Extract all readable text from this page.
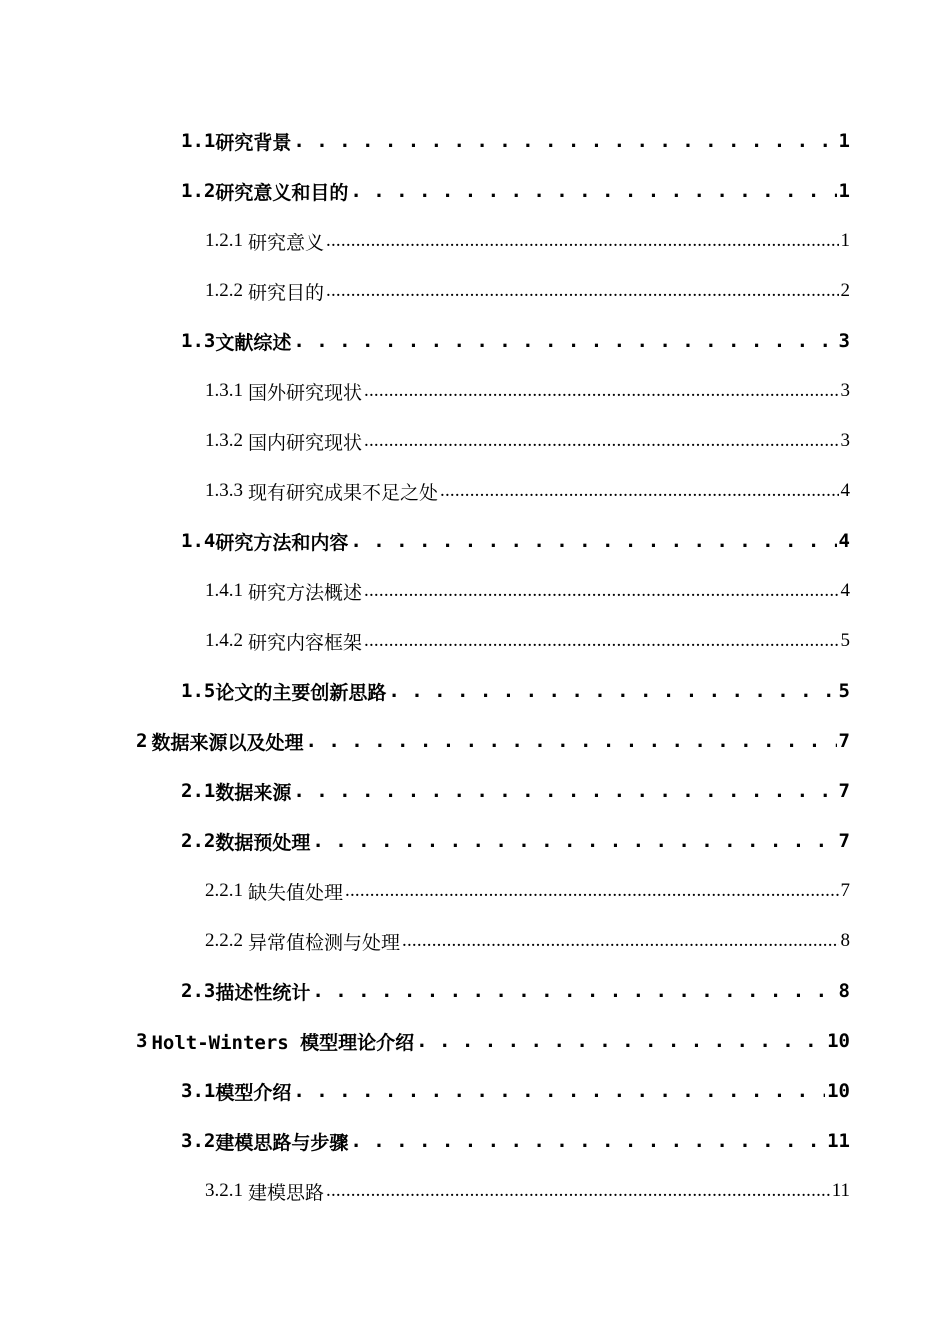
1.1 研究背景 . . .	1
1.2 研究意义和目的 . . .	1
1.2.1 研究意义 .....	1
1.2.2 研究目的 .....	2
1.3 文献综述 . . .	3
1.3.1 国外研究现状 .....	3
1.3.2 国内研究现状 .....	3
1.3.3 现有研究成果不足之处 .....	4
1.4 研究方法和内容 . . .	4
1.4.1 研究方法概述 .....	4
1.4.2 研究内容框架 .....	5
1.5 论文的主要创新思路 . . .	5
2 数据来源以及处理 . . .	7
2.1 数据来源 . . .	7
2.2 数据预处理 . . .	7
2.2.1 缺失值处理 .....	7
2.2.2 异常值检测与处理 .....	8
2.3 描述性统计 . . .	8
3 Holt-Winters 模型理论介绍 . . .	10
3.1 模型介绍 . . .	10
3.2 建模思路与步骤 . . .	11
3.2.1 建模思路 .....	11
